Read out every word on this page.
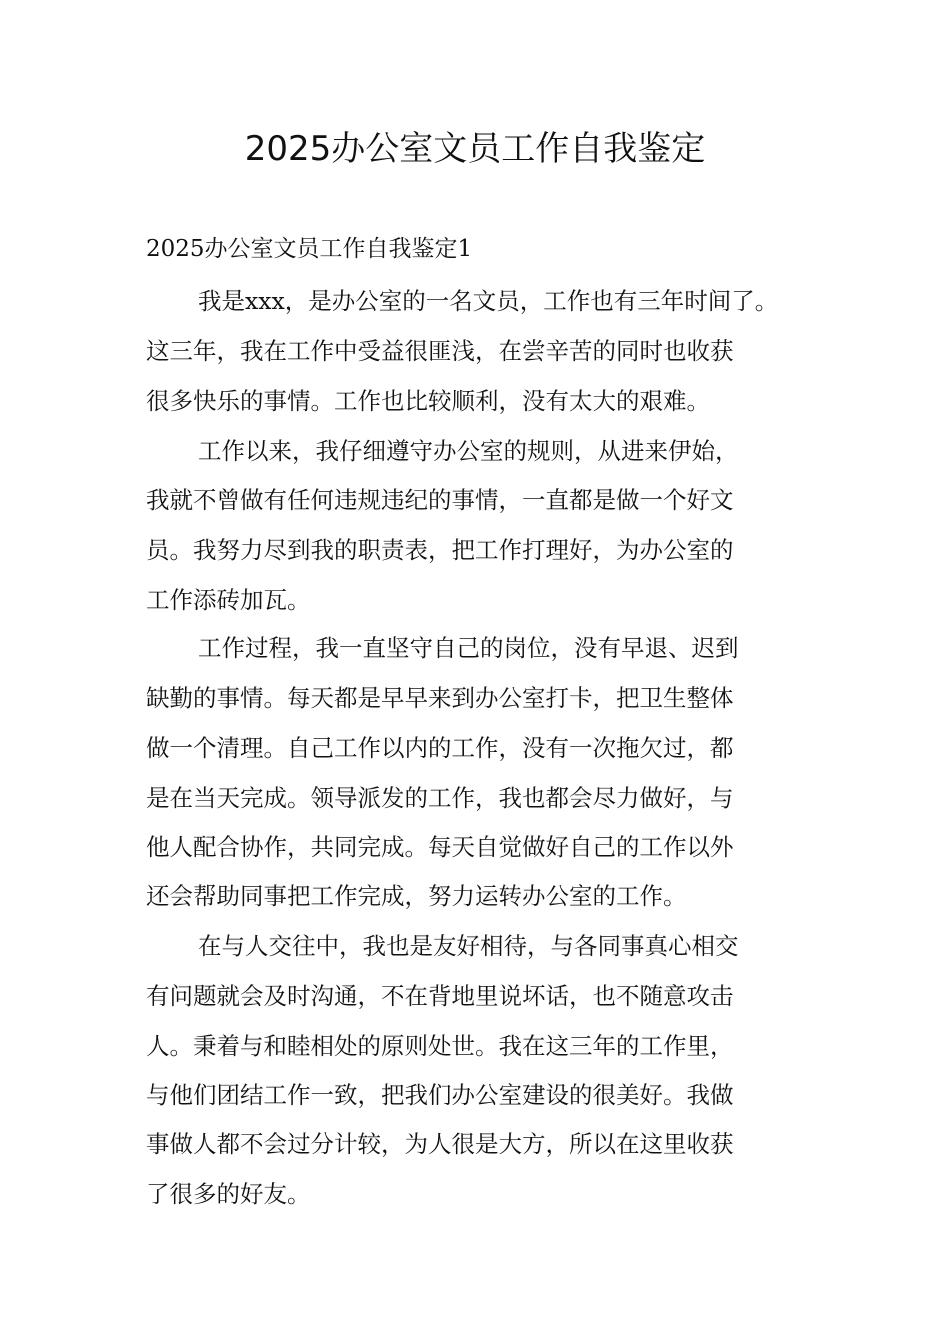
2025办公室文员工作自我鉴定
2025办公室文员工作自我鉴定1
我是xxx，是办公室的一名文员，工作也有三年时间了。
这三年，我在工作中受益很匪浅，在尝辛苦的同时也收获
很多快乐的事情。工作也比较顺利，没有太大的艰难。
工作以来，我仔细遵守办公室的规则，从进来伊始，
我就不曾做有任何违规违纪的事情，一直都是做一个好文
员。我努力尽到我的职责表，把工作打理好，为办公室的
工作添砖加瓦。
工作过程，我一直坚守自己的岗位，没有早退、迟到
缺勤的事情。每天都是早早来到办公室打卡，把卫生整体
做一个清理。自己工作以内的工作，没有一次拖欠过，都
是在当天完成。领导派发的工作，我也都会尽力做好，与
他人配合协作，共同完成。每天自觉做好自己的工作以外
还会帮助同事把工作完成，努力运转办公室的工作。
在与人交往中，我也是友好相待，与各同事真心相交
有问题就会及时沟通，不在背地里说坏话，也不随意攻击
人。秉着与和睦相处的原则处世。我在这三年的工作里，
与他们团结工作一致，把我们办公室建设的很美好。我做
事做人都不会过分计较，为人很是大方，所以在这里收获
了很多的好友。
